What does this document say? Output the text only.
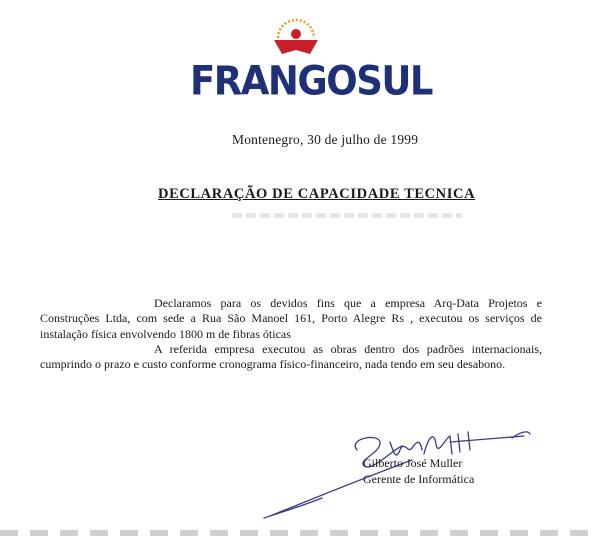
FRANGOSUL
Montenegro, 30 de julho de 1999
DECLARAÇÃO DE CAPACIDADE TECNICA

Declaramos para os devidos fins que a empresa Arq-Data Projetos e Construções Ltda, com sede a Rua São Manoel 161, Porto Alegre Rs , executou os serviços de instalação física envolvendo 1800 m de fibras óticas

A referida empresa executou as obras dentro dos padrões internacionais, cumprindo o prazo e custo conforme cronograma físico-financeiro, nada tendo em seu desabono.

Gilberto José Muller
Gerente de Informática
